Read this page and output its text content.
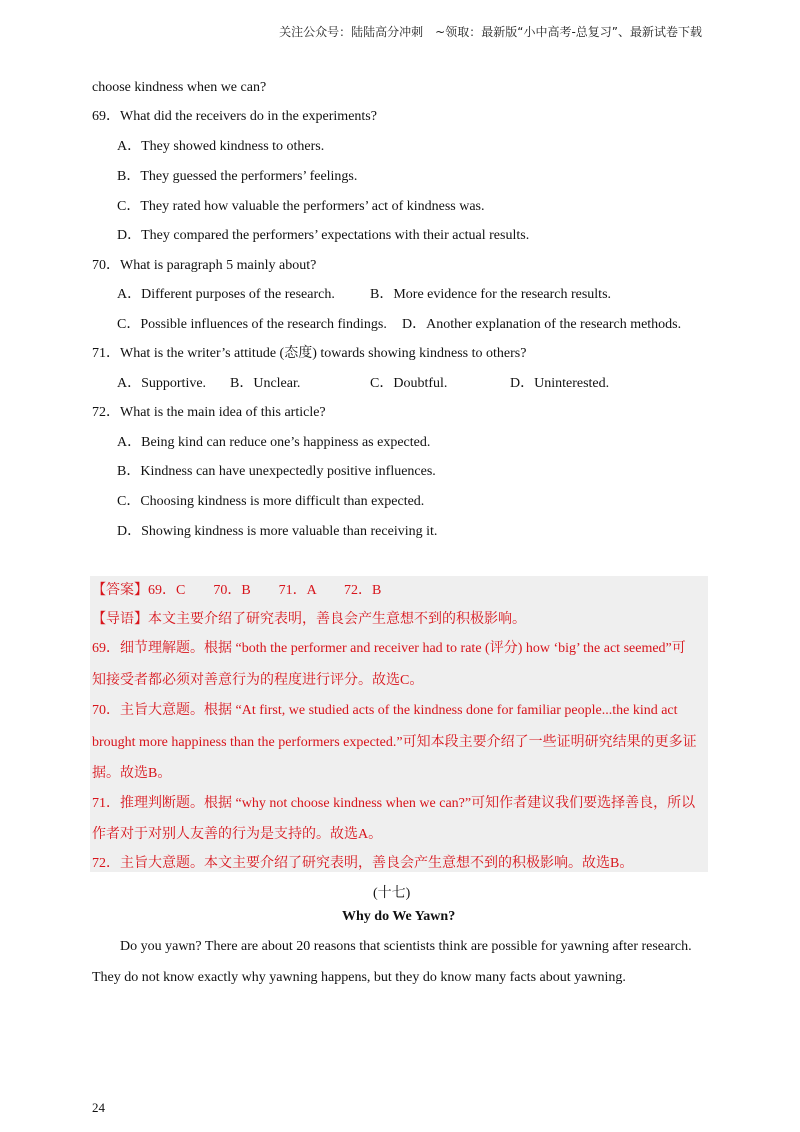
关注公众号：陆陆高分冲刺　~领取：最新版“小中高考-总复习”、最新试卷下载
choose kindness when we can?
69．What did the receivers do in the experiments?
A．They showed kindness to others.
B．They guessed the performers’ feelings.
C．They rated how valuable the performers’ act of kindness was.
D．They compared the performers’ expectations with their actual results.
70．What is paragraph 5 mainly about?
A．Different purposes of the research.	B．More evidence for the research results.
C．Possible influences of the research findings. D．Another explanation of the research methods.
71．What is the writer’s attitude (态度) towards showing kindness to others?
A．Supportive. B．Unclear.	C．Doubtful.	D．Uninterested.
72．What is the main idea of this article?
A．Being kind can reduce one’s happiness as expected.
B．Kindness can have unexpectedly positive influences.
C．Choosing kindness is more difficult than expected.
D．Showing kindness is more valuable than receiving it.
【答案】69．C　　70．B　　71．A　　72．B
【导语】本文主要介绍了研究表明，善良会产生意想不到的积极影响。
69．细节理解题。根据 “both the performer and receiver had to rate (评分) how ‘big’ the act seemed”可
知接受者都必须对善意行为的程度进行评分。故选C。
70．主旨大意题。根据 “At first, we studied acts of the kindness done for familiar people...the kind act
brought more happiness than the performers expected.”可知本段主要介绍了一些证明研究结果的更多证
据。故选B。
71．推理判断题。根据 “why not choose kindness when we can?”可知作者建议我们要选择善良，所以
作者对于对别人友善的行为是支持的。故选A。
72．主旨大意题。本文主要介绍了研究表明，善良会产生意想不到的积极影响。故选B。
(十七)
Why do We Yawn?
Do you yawn? There are about 20 reasons that scientists think are possible for yawning after research.
They do not know exactly why yawning happens, but they do know many facts about yawning.
24
